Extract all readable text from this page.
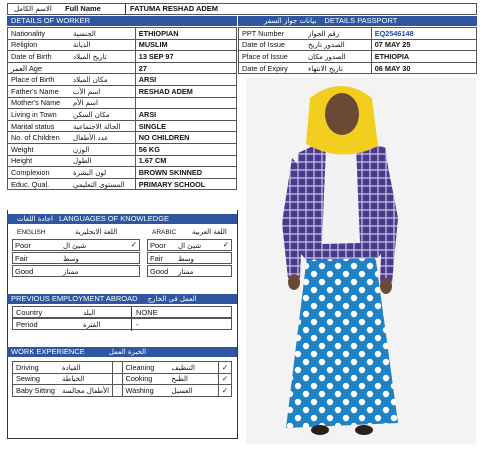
الاسم الكامل Full Name	FATUMA RESHAD ADEM
DETAILS OF WORKER	بيانات جواز السفر DETAILS PASSPORT
Nationality الجنسية	ETHIOPIAN
Religion الديانة	MUSLIM
Date of Birth تاريخ الميلاد	13 SEP 97
العمر Age	27
Place of Birth مكان الميلاد	ARSI
Father's Name اسم الأب	RESHAD ADEM
Mother's Name اسم الأم	
Living in Town مكان السكن	ARSI
Marital status الحالة الاجتماعية	SINGLE
No. of Children عدد الأطفال	NO CHILDREN
Weight الوزن	56 KG
Height الطول	1.67 CM
Complexion لون البشرة	BROWN SKINNED
Educ. Qual. المستوى التعليمي	PRIMARY SCHOOL
PPT Number رقم الجواز	EQ2546148
Date of Issue الصدور تاريخ	07 MAY 25
Place of Issue الصدور مكان	ETHIOPIA
Date of Expiry تاريخ الانتهاء	06 MAY 30
اجادة اللغات LANGUAGES OF KNOWLEDGE
ENGLISH	اللغة الانجليزية	ARABIC اللغة العربية
Poor	شيئ ال	✓ Poor شيئ ال	✓
Fair	وسط	Fair وسط
Good	ممتاز	Good ممتاز
PREVIOUS EMPLOYMENT ABROAD العمل في الخارج
Country	البلد	NONE
Period	الفترة	-
WORK EXPERIENCE	الخبرة العمل
Driving القيادة		Cleaning التنظيف	✓
Sewing الخياطة		Cooking الطبخ	✓
Baby Sitting الأطفال مجالسة		Washing الغسيل	✓
